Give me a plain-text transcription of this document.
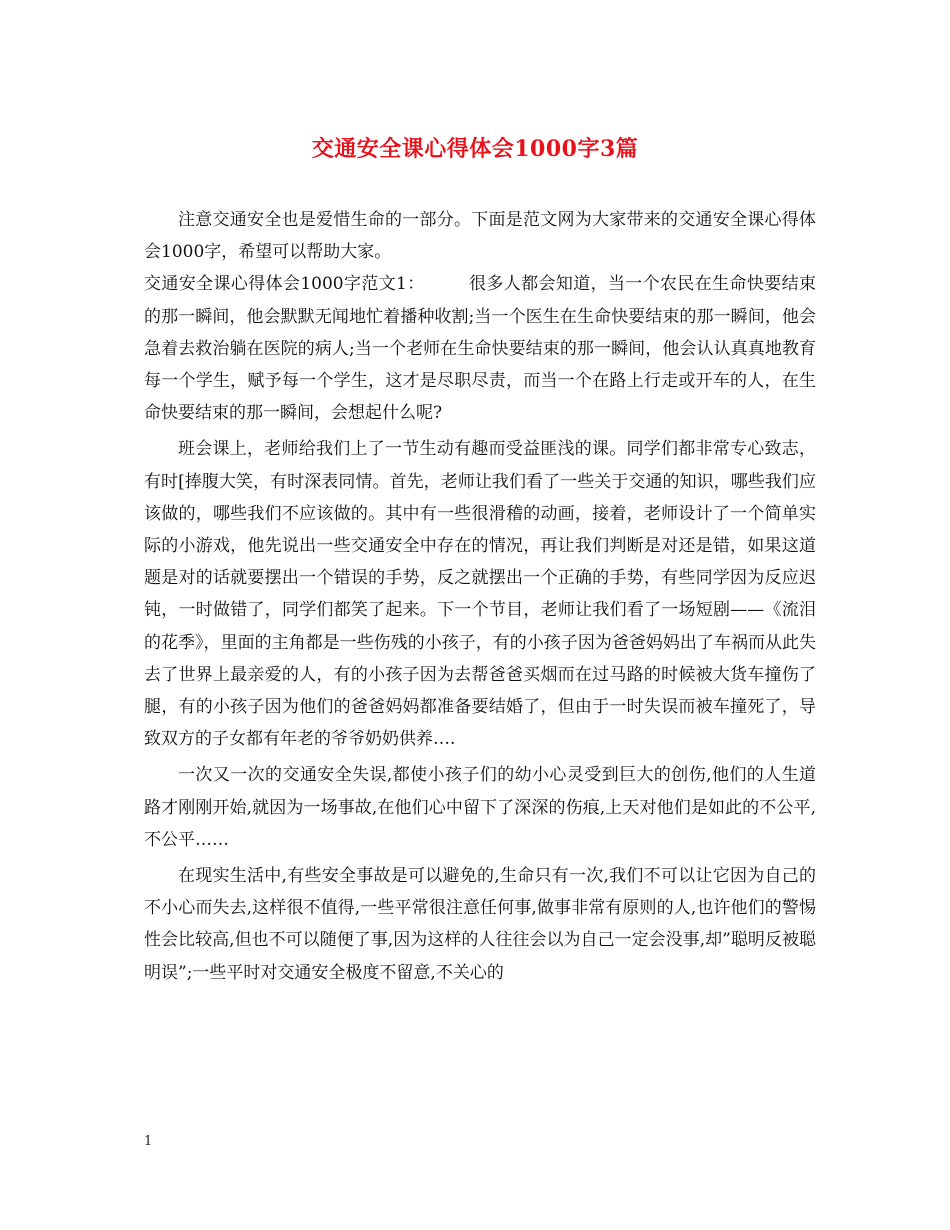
交通安全课心得体会1000字3篇

注意交通安全也是爱惜生命的一部分。下面是范文网为大家带来的交通安全课心得体会1000字，希望可以帮助大家。

交通安全课心得体会1000字范文1：	很多人都会知道，当一个农民在生命快要结束的那一瞬间，他会默默无闻地忙着播种收割;当一个医生在生命快要结束的那一瞬间，他会急着去救治躺在医院的病人;当一个老师在生命快要结束的那一瞬间，他会认认真真地教育每一个学生，赋予每一个学生，这才是尽职尽责，而当一个在路上行走或开车的人，在生命快要结束的那一瞬间，会想起什么呢?

班会课上，老师给我们上了一节生动有趣而受益匪浅的课。同学们都非常专心致志，有时[捧腹大笑，有时深表同情。首先，老师让我们看了一些关于交通的知识，哪些我们应该做的，哪些我们不应该做的。其中有一些很滑稽的动画，接着，老师设计了一个简单实际的小游戏，他先说出一些交通安全中存在的情况，再让我们判断是对还是错，如果这道题是对的话就要摆出一个错误的手势，反之就摆出一个正确的手势，有些同学因为反应迟钝，一时做错了，同学们都笑了起来。下一个节目，老师让我们看了一场短剧——《流泪的花季》，里面的主角都是一些伤残的小孩子，有的小孩子因为爸爸妈妈出了车祸而从此失去了世界上最亲爱的人，有的小孩子因为去帮爸爸买烟而在过马路的时候被大货车撞伤了腿，有的小孩子因为他们的爸爸妈妈都准备要结婚了，但由于一时失误而被车撞死了，导致双方的子女都有年老的爷爷奶奶供养….

一次又一次的交通安全失误,都使小孩子们的幼小心灵受到巨大的创伤,他们的人生道路才刚刚开始,就因为一场事故,在他们心中留下了深深的伤痕,上天对他们是如此的不公平,不公平……

在现实生活中,有些安全事故是可以避免的,生命只有一次,我们不可以让它因为自己的不小心而失去,这样很不值得,一些平常很注意任何事,做事非常有原则的人,也许他们的警惕性会比较高,但也不可以随便了事,因为这样的人往往会以为自己一定会没事,却”聪明反被聪明误”;一些平时对交通安全极度不留意,不关心的

1
